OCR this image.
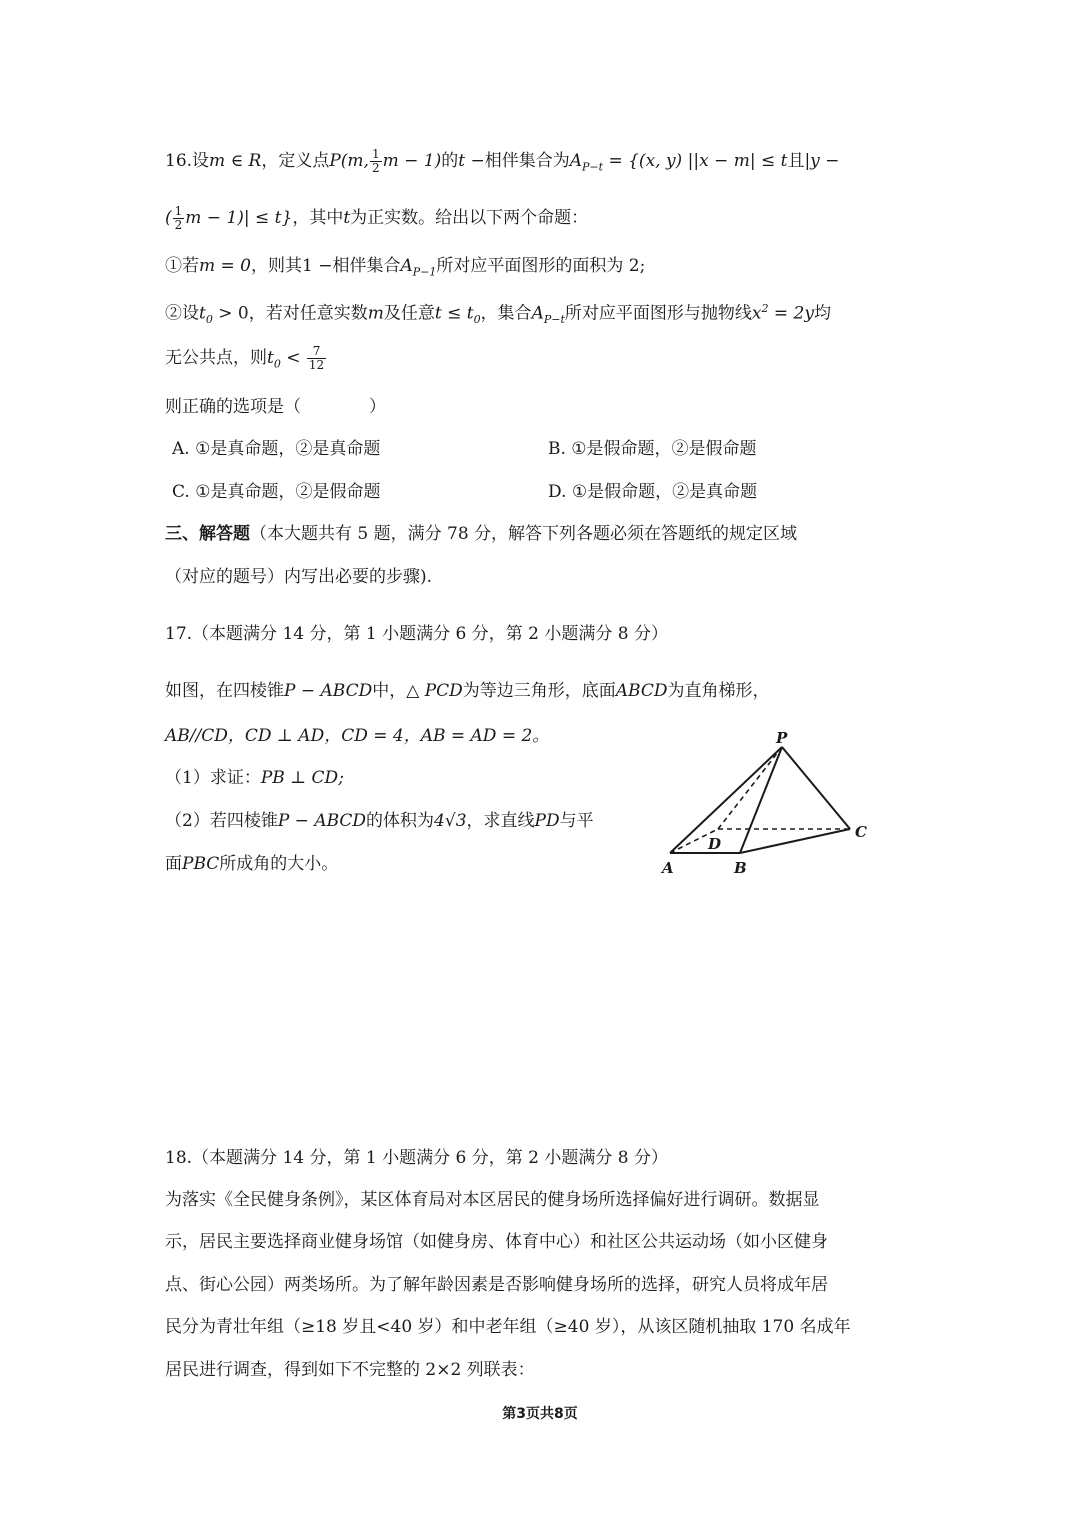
16.设m ∈ R，定义点P(m, $\frac{1}{2}$ m − 1)的t −相伴集合为$A_{P-t} = \{(x$, y) ||x − m| ≤ t且|y −
( $\frac{1}{2}$ m − 1)| ≤ t}，其中t为正实数。给出以下两个命题：
①若m = 0，则其1 −相伴集合$A_{P-1}$所对应平面图形的面积为 2;
②设$t_0 > 0$，若对任意实数m及任意$t \le t_0$，集合$A_{P-t}$所对应平面图形与抛物线$x^2 = 2y$均
无公共点，则$t_0 < \frac{7}{12}$
则正确的选项是（　　　　）
A. ①是真命题，②是真命题	B. ①是假命题，②是假命题
C. ①是真命题，②是假命题	D. ①是假命题，②是真命题
三、解答题（本大题共有 5 题，满分 78 分，解答下列各题必须在答题纸的规定区域
（对应的题号）内写出必要的步骤).
17.（本题满分 14 分，第 1 小题满分 6 分，第 2 小题满分 8 分）
如图，在四棱锥P − ABCD中，△ PCD为等边三角形，底面ABCD为直角梯形，
AB//CD，CD ⊥ AD，CD = 4，AB = AD = 2。
（1）求证：PB ⊥ CD;
（2）若四棱锥P − ABCD的体积为4√3，求直线PD与平
面PBC所成角的大小。
P
A	B
C
D
18.（本题满分 14 分，第 1 小题满分 6 分，第 2 小题满分 8 分）
为落实《全民健身条例》，某区体育局对本区居民的健身场所选择偏好进行调研。数据显
示，居民主要选择商业健身场馆（如健身房、体育中心）和社区公共运动场（如小区健身
点、街心公园）两类场所。为了解年龄因素是否影响健身场所的选择，研究人员将成年居
民分为青壮年组（≥18 岁且<40 岁）和中老年组（≥40 岁），从该区随机抽取 170 名成年
居民进行调查，得到如下不完整的 2×2 列联表：
第3页共8页
